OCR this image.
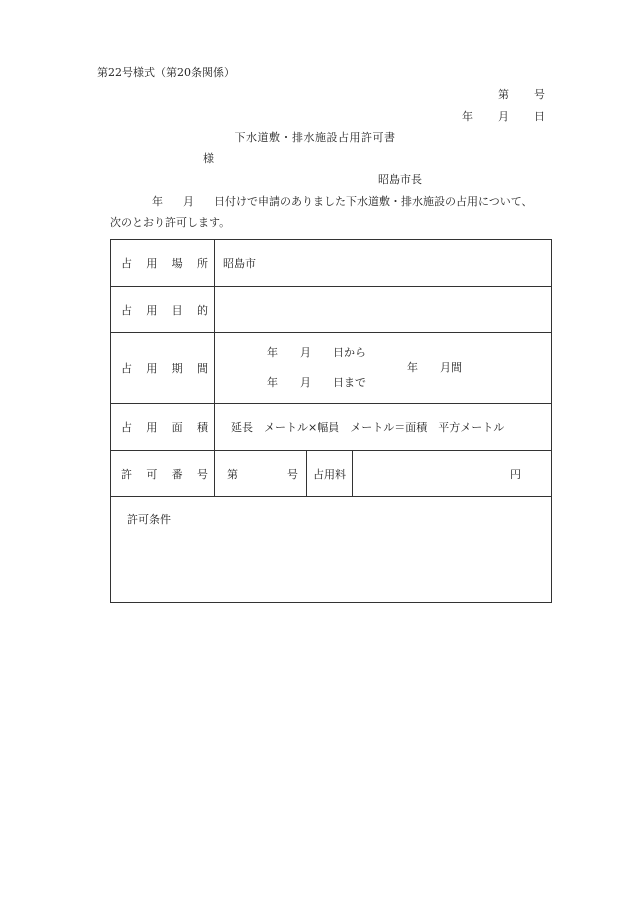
第22号様式（第20条関係）
第 号
年 月 日
下水道敷・排水施設占用許可書
様
昭島市長
年 月 日付けで申請のありました下水道敷・排水施設の占用について、
次のとおり許可します。
占用場所	昭島市		
占用目的			
占用期間	年 月 日から
年 月 日まで
年 月間		

占用面積	延長　メートル×幅員　メートル＝面積　平方メートル		
許可番号	第 号	占用料	円
許可条件			
